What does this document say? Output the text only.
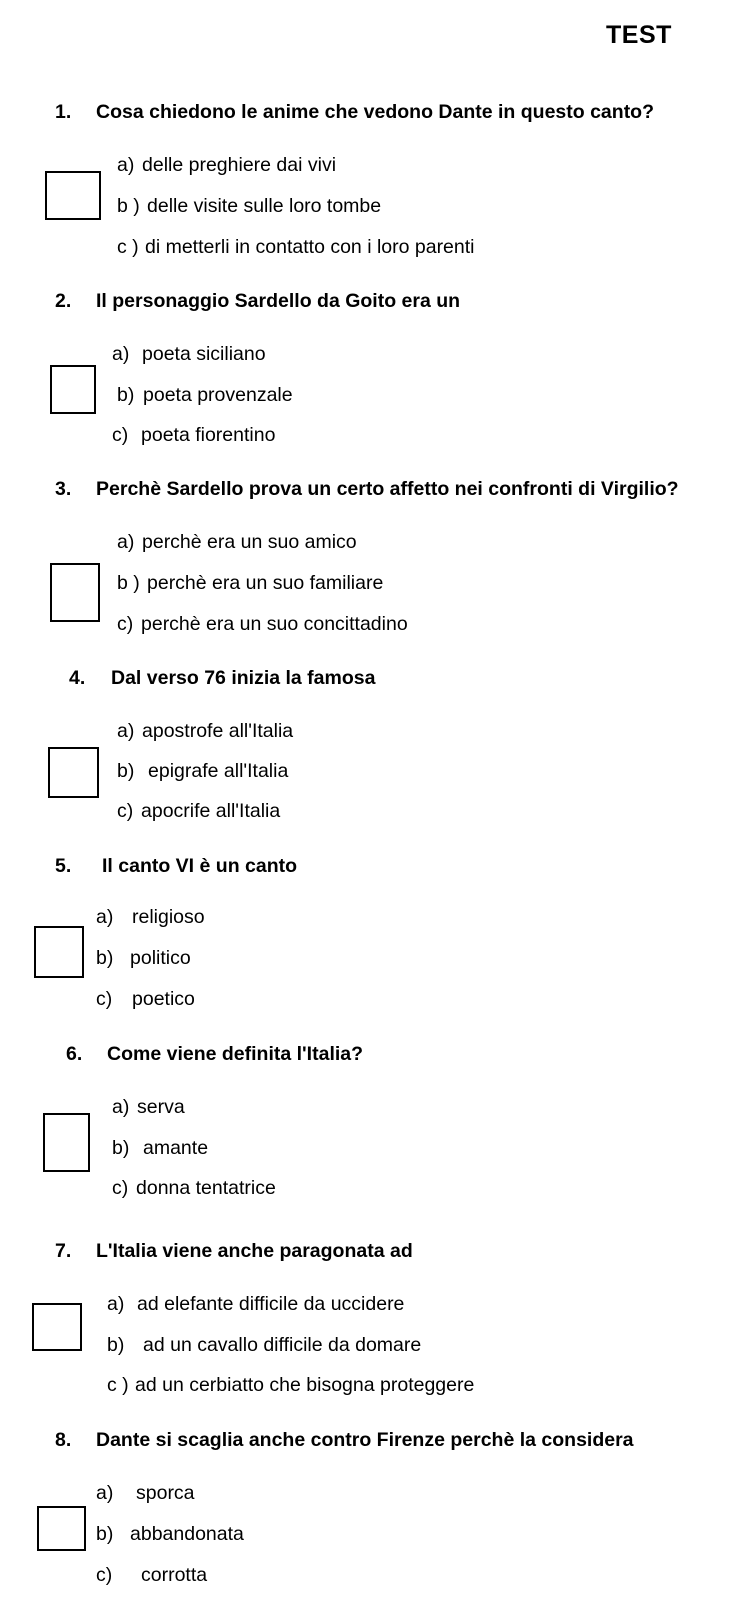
TEST
1. Cosa chiedono le anime che vedono Dante in questo canto?
a) delle preghiere dai vivi
b ) delle visite sulle loro tombe
c ) di metterli in contatto con i loro parenti
2. Il personaggio Sardello da Goito era un
a) poeta siciliano
b) poeta provenzale
c) poeta fiorentino
3. Perchè Sardello prova un certo affetto nei confronti di Virgilio?
a) perchè era un suo amico
b ) perchè era un suo familiare
c) perchè era un suo concittadino
4. Dal verso 76 inizia la famosa
a) apostrofe all'Italia
b) epigrafe all'Italia
c) apocrife all'Italia
5. Il canto VI è un canto
a) religioso
b) politico
c) poetico
6. Come viene definita l'Italia?
a) serva
b) amante
c) donna tentatrice
7. L'Italia viene anche paragonata ad
a) ad elefante difficile da uccidere
b) ad un cavallo difficile da domare
c ) ad un cerbiatto che bisogna proteggere
8. Dante si scaglia anche contro Firenze perchè la considera
a) sporca
b) abbandonata
c) corrotta
